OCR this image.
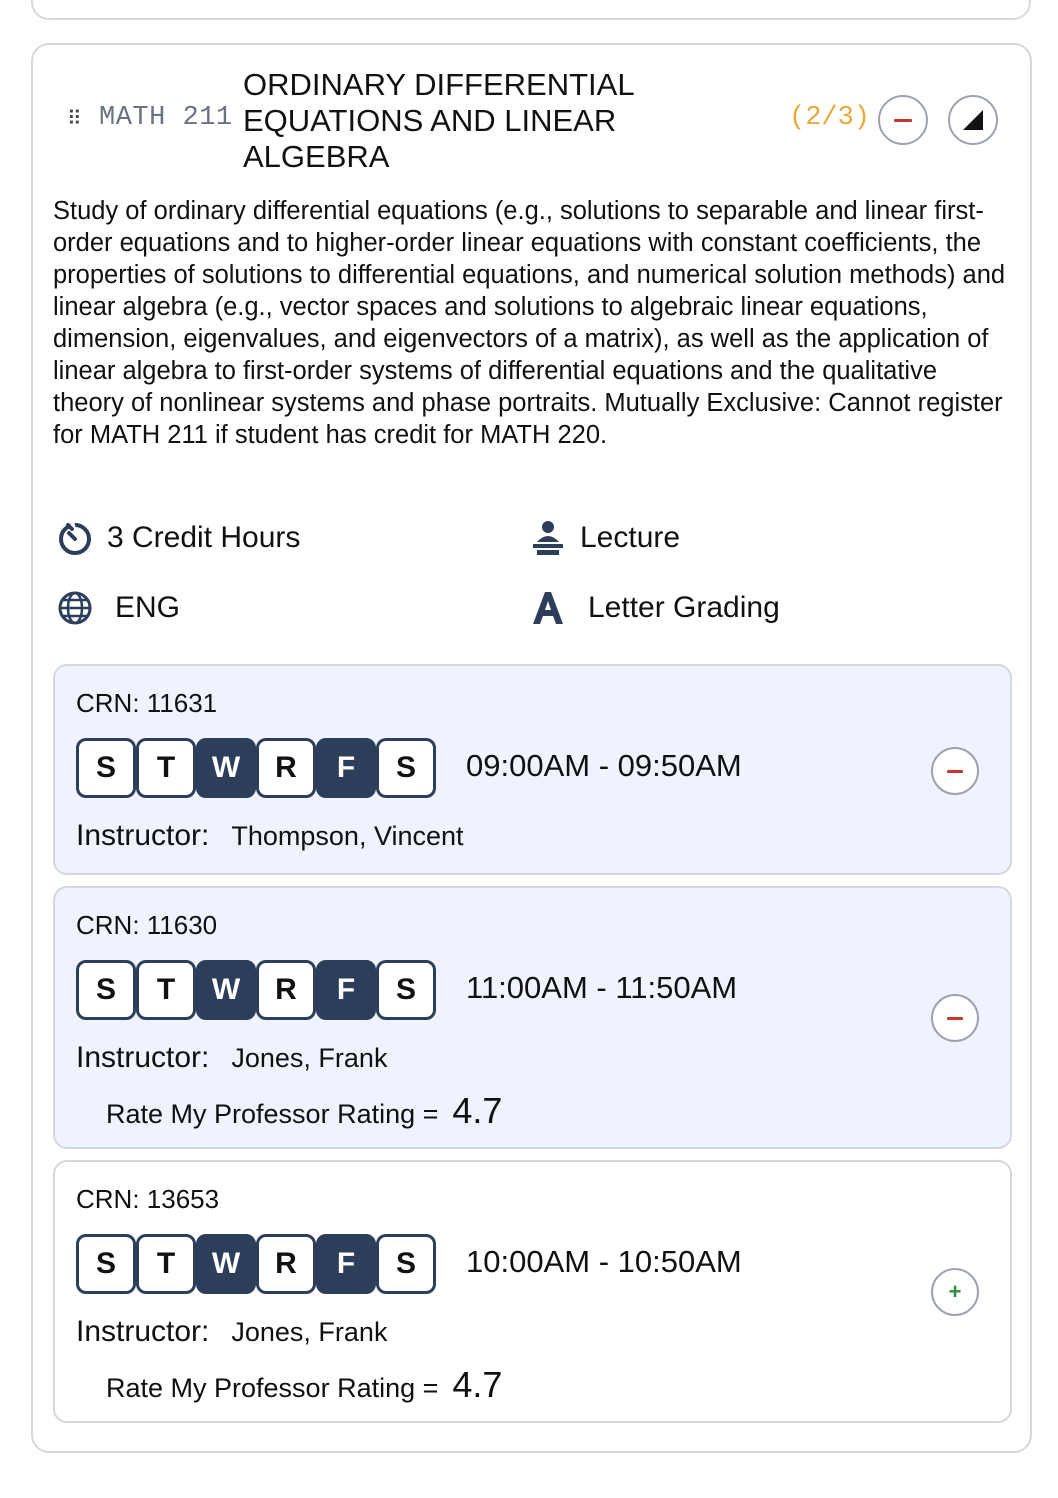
⠿ MATH 211
ORDINARY DIFFERENTIAL EQUATIONS AND LINEAR ALGEBRA
(2/3)
Study of ordinary differential equations (e.g., solutions to separable and linear first-order equations and to higher-order linear equations with constant coefficients, the properties of solutions to differential equations, and numerical solution methods) and linear algebra (e.g., vector spaces and solutions to algebraic linear equations, dimension, eigenvalues, and eigenvectors of a matrix), as well as the application of linear algebra to first-order systems of differential equations and the qualitative theory of nonlinear systems and phase portraits. Mutually Exclusive: Cannot register for MATH 211 if student has credit for MATH 220.
3 Credit Hours	Lecture
ENG	Letter Grading
CRN: 11631
S	T	W	R	F	S	09:00AM - 09:50AM
Instructor: Thompson, Vincent
CRN: 11630
S	T	W	R	F	S	11:00AM - 11:50AM
Instructor: Jones, Frank
Rate My Professor Rating = 4.7
CRN: 13653
S	T	W	R	F	S	10:00AM - 10:50AM
Instructor: Jones, Frank
Rate My Professor Rating = 4.7
+
